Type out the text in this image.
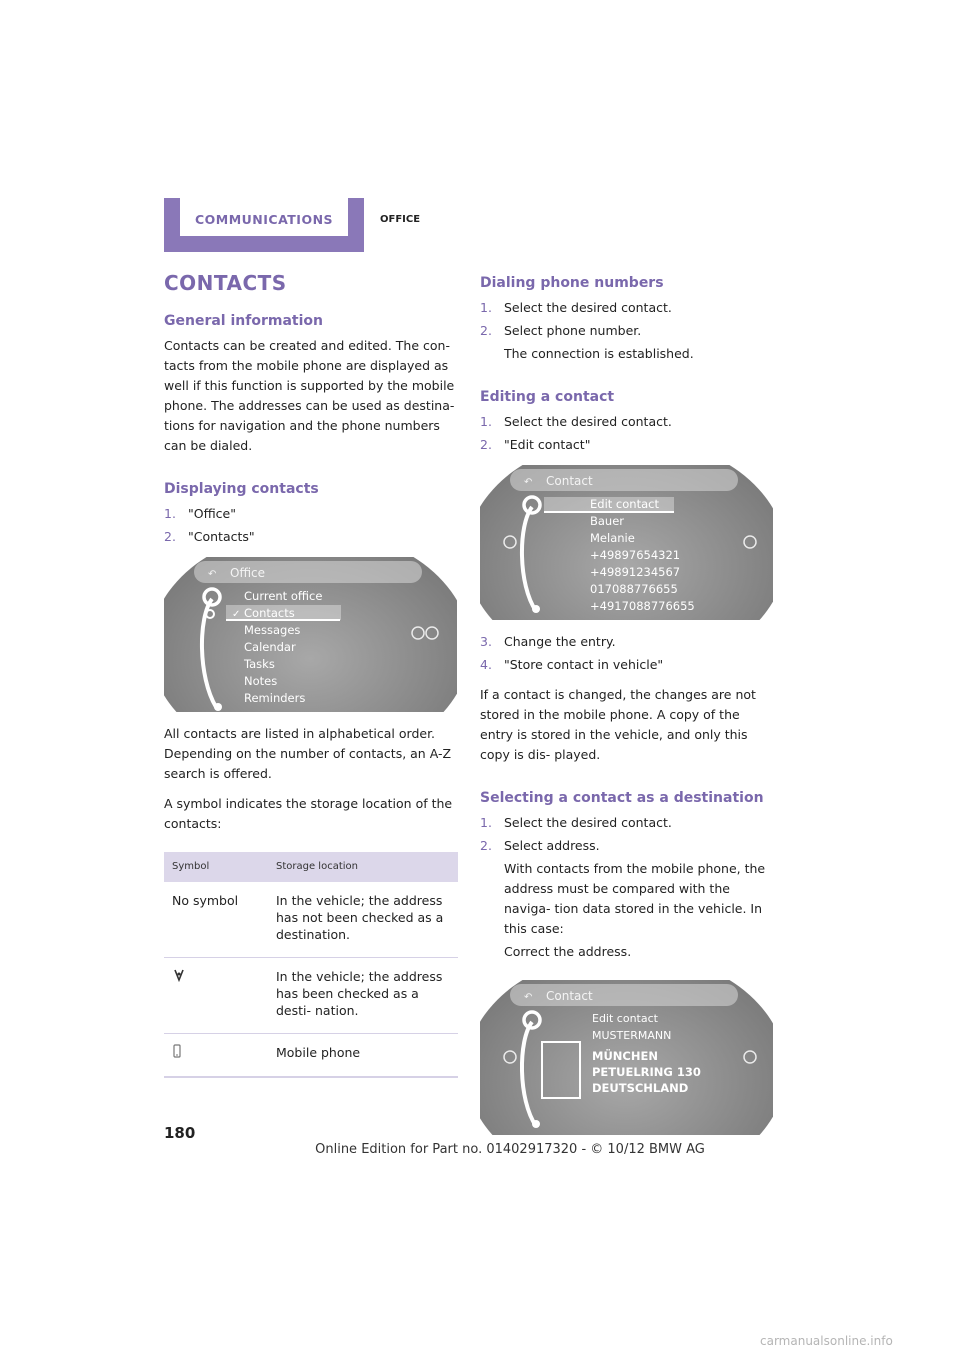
COMMUNICATIONS	OFFICE
CONTACTS
General information

Contacts can be created and edited. The con- tacts from the mobile phone are displayed as well if this function is supported by the mobile phone. The addresses can be used as destina- tions for navigation and the phone numbers can be dialed.

Displaying contacts
1. "Office"
2. "Contacts"
↶ Office
✓
Current office
Contacts
Messages
Calendar
Tasks
Notes
Reminders

All contacts are listed in alphabetical order. Depending on the number of contacts, an A-Z search is offered.

A symbol indicates the storage location of the contacts:

Symbol	Storage location
No symbol	In the vehicle; the address has not been checked as a destination.
	In the vehicle; the address has been checked as a desti- nation.
	Mobile phone
Dialing phone numbers
1. Select the desired contact.
2. Select phone number.
The connection is established.
Editing a contact
1. Select the desired contact.
2. "Edit contact"
↶ Contact
Edit contact
Bauer
Melanie
+49897654321
+49891234567
017088776655
+4917088776655
3. Change the entry.
4. "Store contact in vehicle"

If a contact is changed, the changes are not stored in the mobile phone. A copy of the entry is stored in the vehicle, and only this copy is dis- played.

Selecting a contact as a destination
1. Select the desired contact.
2. Select address.
With contacts from the mobile phone, the address must be compared with the naviga- tion data stored in the vehicle. In this case:
Correct the address.
↶ Contact
Edit contact
MUSTERMANN
MÜNCHEN
PETUELRING 130
DEUTSCHLAND
180
Online Edition for Part no. 01402917320 - © 10/12 BMW AG
carmanualsonline.info
